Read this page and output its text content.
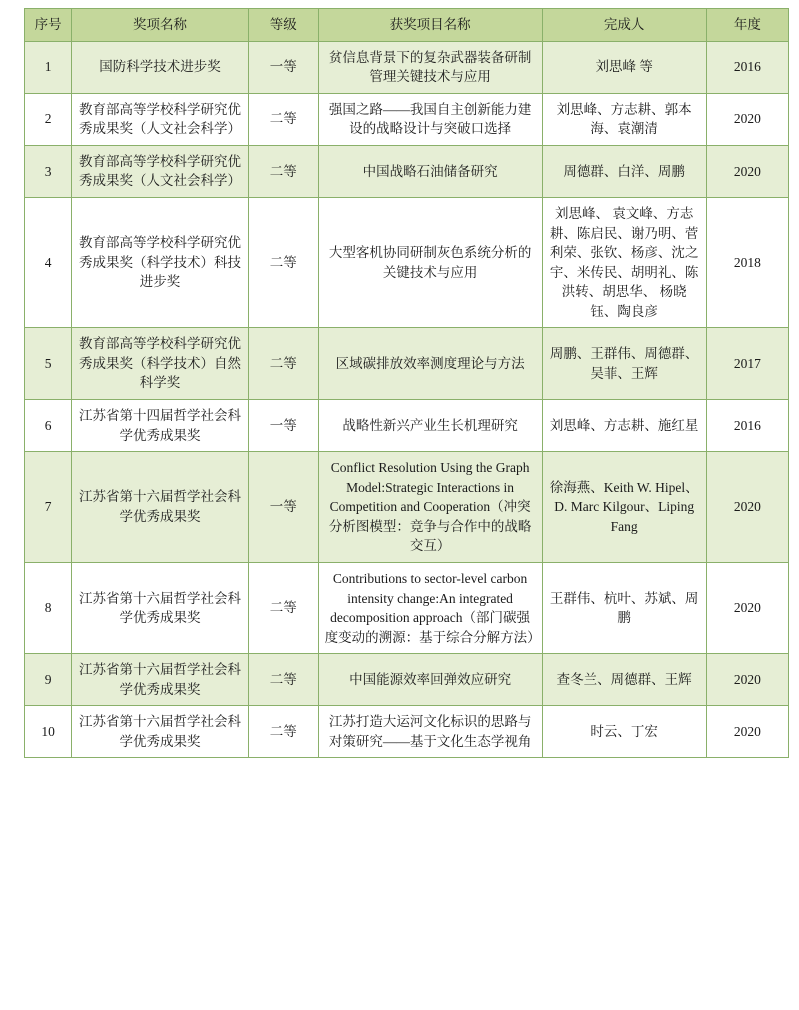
序号	奖项名称	等级	获奖项目名称	完成人	年度
1	国防科学技术进步奖	一等	贫信息背景下的复杂武器装备研制管理关键技术与应用	刘思峰 等	2016
2	教育部高等学校科学研究优秀成果奖（人文社会科学）	二等	强国之路——我国自主创新能力建设的战略设计与突破口选择	刘思峰、方志耕、郭本海、袁潮清	2020
3	教育部高等学校科学研究优秀成果奖（人文社会科学）	二等	中国战略石油储备研究	周德群、白洋、周鹏	2020
4	教育部高等学校科学研究优秀成果奖（科学技术）科技进步奖	二等	大型客机协同研制灰色系统分析的关键技术与应用	刘思峰、 袁文峰、方志耕、陈启民、谢乃明、菅利荣、张钦、杨彦、沈之宇、米传民、胡明礼、陈洪转、胡思华、 杨晓钰、陶良彦	2018
5	教育部高等学校科学研究优秀成果奖（科学技术）自然科学奖	二等	区域碳排放效率测度理论与方法	周鹏、王群伟、周德群、吴菲、王辉	2017
6	江苏省第十四届哲学社会科学优秀成果奖	一等	战略性新兴产业生长机理研究	刘思峰、方志耕、施红星	2016
7	江苏省第十六届哲学社会科学优秀成果奖	一等	Conflict Resolution Using the Graph Model:Strategic Interactions in Competition and Cooperation（冲突分析图模型：竞争与合作中的战略交互）	徐海燕、Keith W. Hipel、D. Marc Kilgour、Liping Fang	2020
8	江苏省第十六届哲学社会科学优秀成果奖	二等	Contributions to sector-level carbon intensity change:An integrated decomposition approach（部门碳强度变动的溯源：基于综合分解方法）	王群伟、杭叶、苏斌、周鹏	2020
9	江苏省第十六届哲学社会科学优秀成果奖	二等	中国能源效率回弹效应研究	查冬兰、周德群、王辉	2020
10	江苏省第十六届哲学社会科学优秀成果奖	二等	江苏打造大运河文化标识的思路与对策研究——基于文化生态学视角	时云、丁宏	2020
